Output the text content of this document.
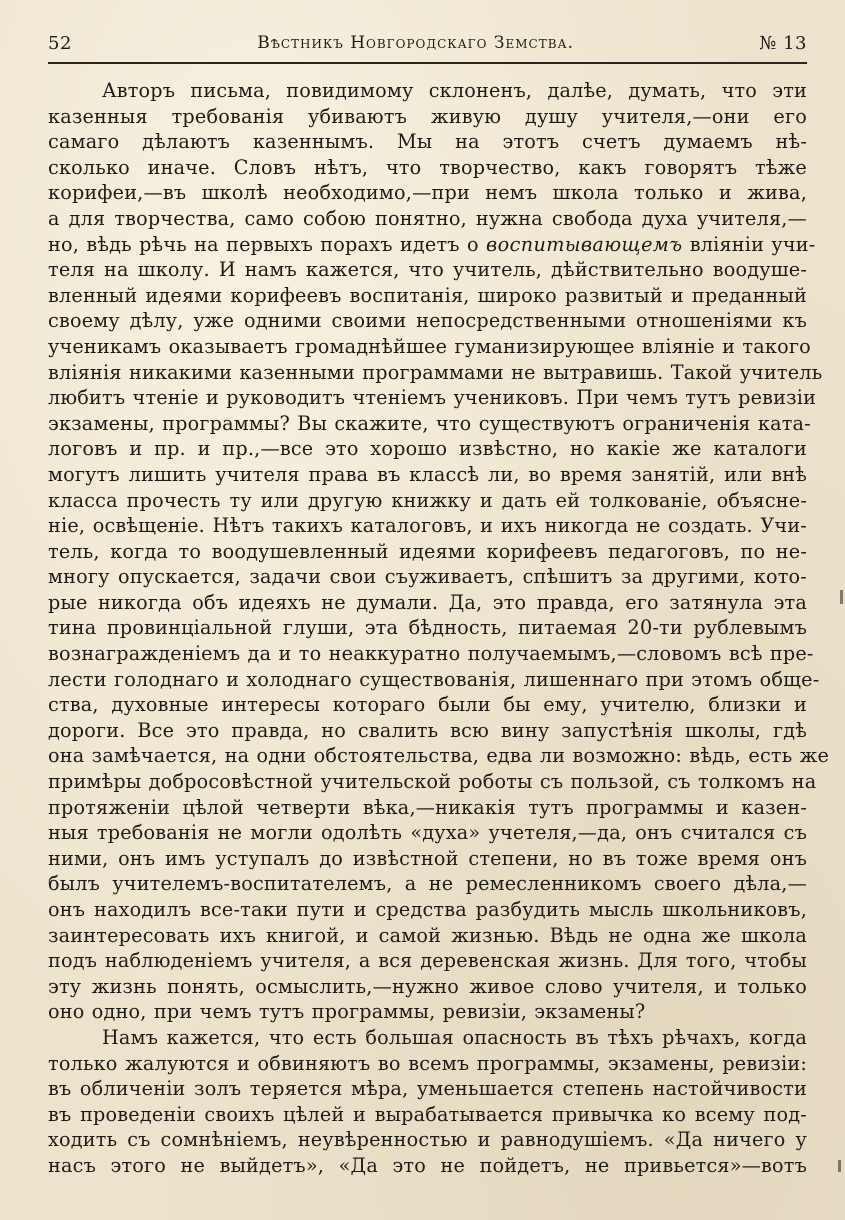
52	Вѣстникъ Новгородскаго Земства.	№ 13
Авторъ письма, повидимому склоненъ, далѣе, думать, что эти
казенныя требованія убиваютъ живую душу учителя,—они его
самаго дѣлаютъ казеннымъ. Мы на этотъ счетъ думаемъ нѣ-
сколько иначе. Словъ нѣтъ, что творчество, какъ говорятъ тѣже
корифеи,—въ школѣ необходимо,—при немъ школа только и жива,
а для творчества, само собою понятно, нужна свобода духа учителя,—
но, вѣдь рѣчь на первыхъ порахъ идетъ о воспитывающемъ вліяніи учи-
теля на школу. И намъ кажется, что учитель, дѣйствительно воодуше-
вленный идеями корифеевъ воспитанія, широко развитый и преданный
своему дѣлу, уже одними своими непосредственными отношеніями къ
ученикамъ оказываетъ громаднѣйшее гуманизирующее вліяніе и такого
вліянія никакими казенными программами не вытравишь. Такой учитель
любитъ чтеніе и руководитъ чтеніемъ учениковъ. При чемъ тутъ ревизіи
экзамены, программы? Вы скажите, что существуютъ ограниченія ката-
логовъ и пр. и пр.,—все это хорошо извѣстно, но какіе же каталоги
могутъ лишить учителя права въ классѣ ли, во время занятій, или внѣ
класса прочесть ту или другую книжку и дать ей толкованіе, объясне-
ніе, освѣщеніе. Нѣтъ такихъ каталоговъ, и ихъ никогда не создать. Учи-
тель, когда то воодушевленный идеями корифеевъ педагоговъ, по не-
многу опускается, задачи свои съуживаетъ, спѣшитъ за другими, кото-
рые никогда объ идеяхъ не думали. Да, это правда, его затянула эта
тина провинціальной глуши, эта бѣдность, питаемая 20-ти рублевымъ
вознагражденіемъ да и то неаккуратно получаемымъ,—словомъ всѣ пре-
лести голоднаго и холоднаго существованія, лишеннаго при этомъ обще-
ства, духовные интересы котораго были бы ему, учителю, близки и
дороги. Все это правда, но свалить всю вину запустѣнія школы, гдѣ
она замѣчается, на одни обстоятельства, едва ли возможно: вѣдь, есть же
примѣры добросовѣстной учительской роботы съ пользой, съ толкомъ на
протяженіи цѣлой четверти вѣка,—никакія тутъ программы и казен-
ныя требованія не могли одолѣть «духа» учетеля,—да, онъ считался съ
ними, онъ имъ уступалъ до извѣстной степени, но въ тоже время онъ
былъ учителемъ-воспитателемъ, а не ремесленникомъ своего дѣла,—
онъ находилъ все-таки пути и средства разбудить мысль школьниковъ,
заинтересовать ихъ книгой, и самой жизнью. Вѣдь не одна же школа
подъ наблюденіемъ учителя, а вся деревенская жизнь. Для того, чтобы
эту жизнь понять, осмыслить,—нужно живое слово учителя, и только
оно одно, при чемъ тутъ программы, ревизіи, экзамены?
Намъ кажется, что есть большая опасность въ тѣхъ рѣчахъ, когда
только жалуются и обвиняютъ во всемъ программы, экзамены, ревизіи:
въ обличеніи золъ теряется мѣра, уменьшается степень настойчивости
въ проведеніи своихъ цѣлей и вырабатывается привычка ко всему под-
ходить съ сомнѣніемъ, неувѣренностью и равнодушіемъ. «Да ничего у
насъ этого не выйдетъ», «Да это не пойдетъ, не привьется»—вотъ
